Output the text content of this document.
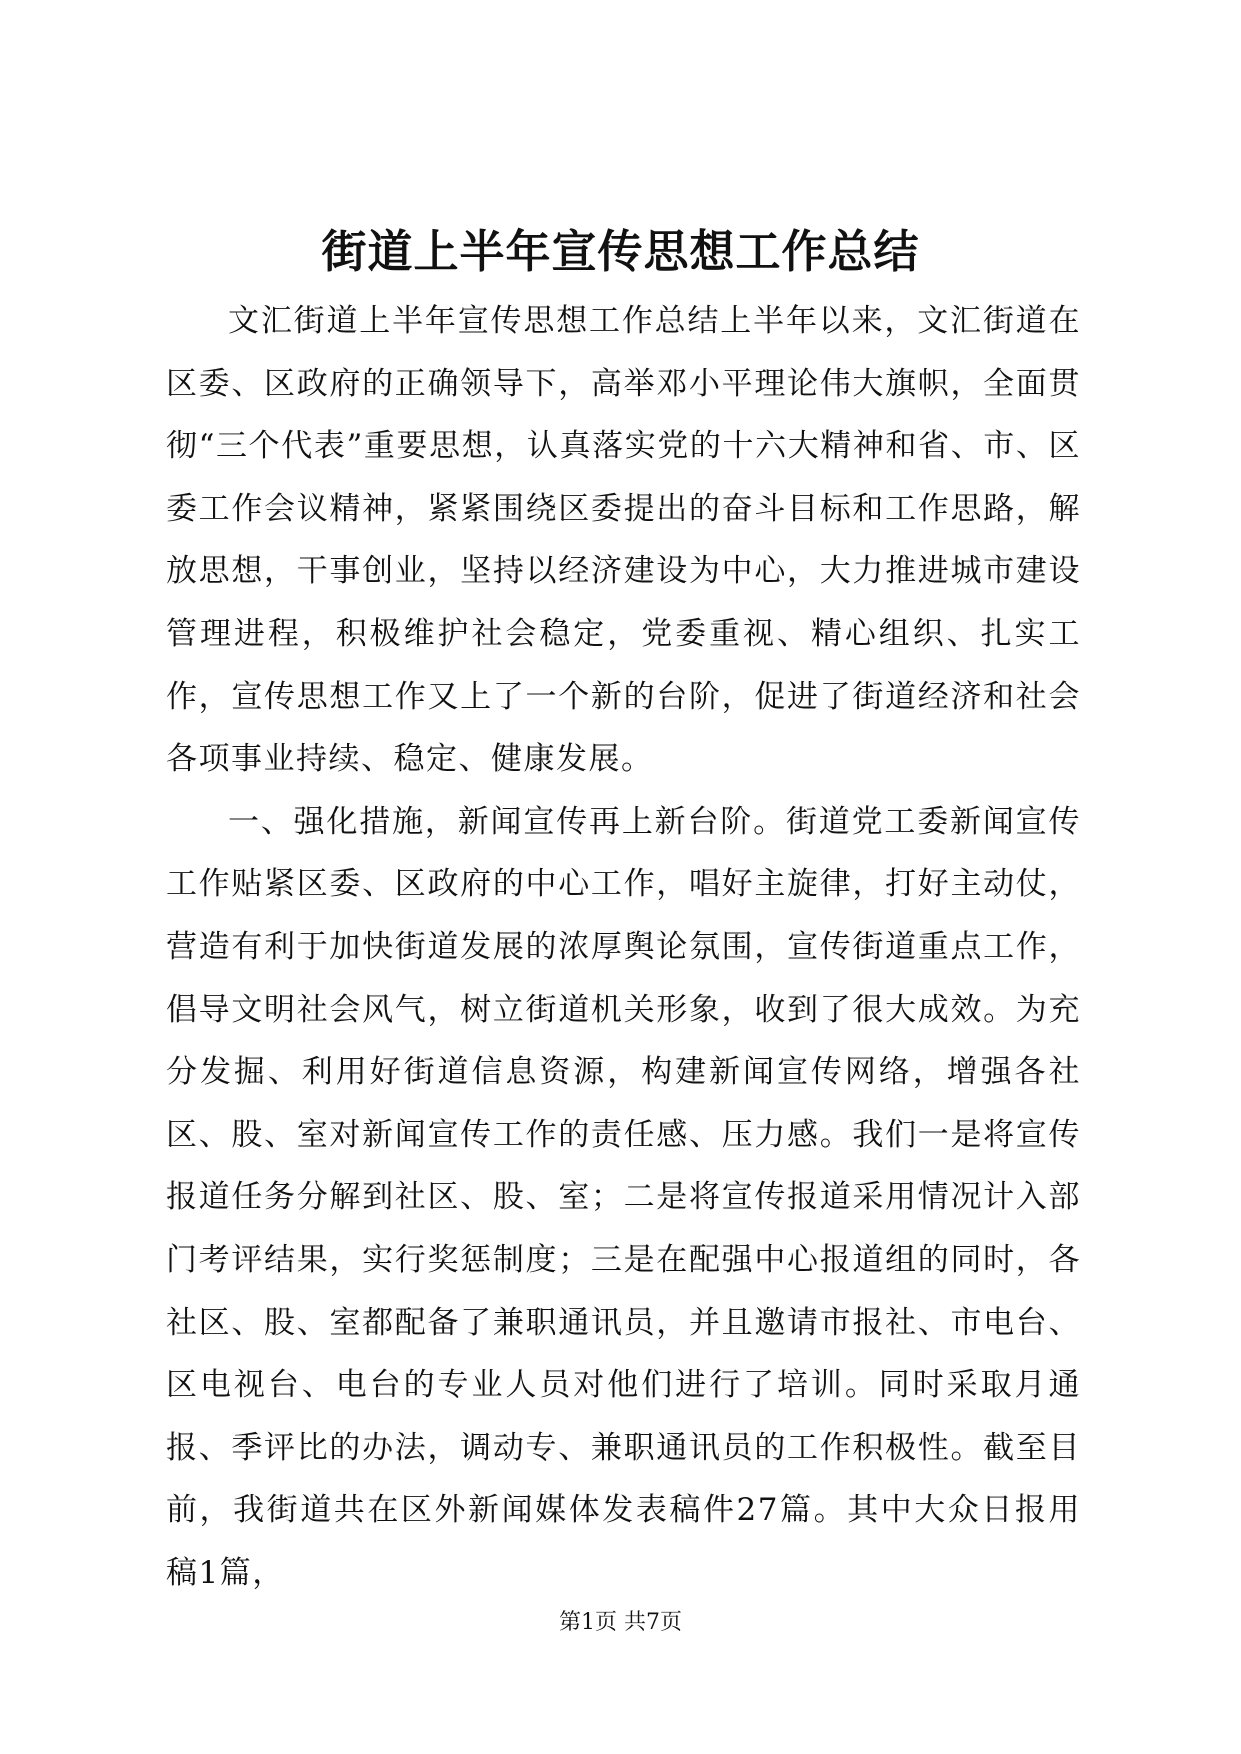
街道上半年宣传思想工作总结

文汇街道上半年宣传思想工作总结上半年以来，文汇街道在区委、区政府的正确领导下，高举邓小平理论伟大旗帜，全面贯彻“三个代表”重要思想，认真落实党的十六大精神和省、市、区委工作会议精神，紧紧围绕区委提出的奋斗目标和工作思路，解放思想，干事创业，坚持以经济建设为中心，大力推进城市建设管理进程，积极维护社会稳定，党委重视、精心组织、扎实工作，宣传思想工作又上了一个新的台阶，促进了街道经济和社会各项事业持续、稳定、健康发展。

一、强化措施，新闻宣传再上新台阶。街道党工委新闻宣传工作贴紧区委、区政府的中心工作，唱好主旋律，打好主动仗，营造有利于加快街道发展的浓厚舆论氛围，宣传街道重点工作，倡导文明社会风气，树立街道机关形象，收到了很大成效。为充分发掘、利用好街道信息资源，构建新闻宣传网络，增强各社区、股、室对新闻宣传工作的责任感、压力感。我们一是将宣传报道任务分解到社区、股、室；二是将宣传报道采用情况计入部门考评结果，实行奖惩制度；三是在配强中心报道组的同时，各社区、股、室都配备了兼职通讯员，并且邀请市报社、市电台、区电视台、电台的专业人员对他们进行了培训。同时采取月通报、季评比的办法，调动专、兼职通讯员的工作积极性。截至目前，我街道共在区外新闻媒体发表稿件27篇。其中大众日报用稿1篇，

第1页 共7页
